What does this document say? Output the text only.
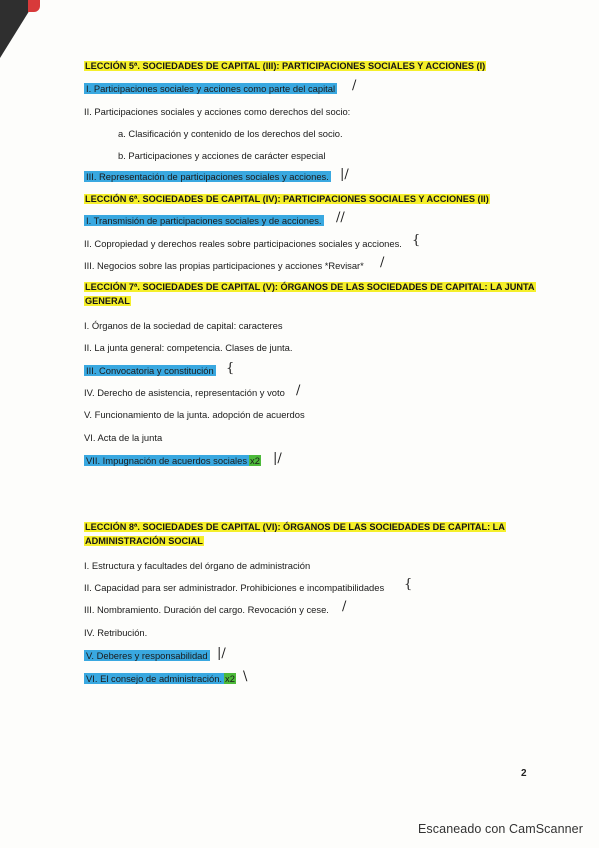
LECCIÓN 5ª. SOCIEDADES DE CAPITAL (III): PARTICIPACIONES SOCIALES Y ACCIONES (I)
I. Participaciones sociales y acciones como parte del capital /
II. Participaciones sociales y acciones como derechos del socio:
a. Clasificación y contenido de los derechos del socio.
b. Participaciones y acciones de carácter especial
III. Representación de participaciones sociales y acciones. |/
LECCIÓN 6ª. SOCIEDADES DE CAPITAL (IV): PARTICIPACIONES SOCIALES Y ACCIONES (II)
I. Transmisión de participaciones sociales y de acciones. //
II. Copropiedad y derechos reales sobre participaciones sociales y acciones. {
III. Negocios sobre las propias participaciones y acciones *Revisar* /
LECCIÓN 7ª. SOCIEDADES DE CAPITAL (V): ÓRGANOS DE LAS SOCIEDADES DE CAPITAL: LA JUNTA
GENERAL
I. Órganos de la sociedad de capital: caracteres
II. La junta general: competencia. Clases de junta.
III. Convocatoria y constitución {
IV. Derecho de asistencia, representación y voto /
V. Funcionamiento de la junta. adopción de acuerdos
VI. Acta de la junta
VII. Impugnación de acuerdos sociales x2 |/
LECCIÓN 8ª. SOCIEDADES DE CAPITAL (VI): ÓRGANOS DE LAS SOCIEDADES DE CAPITAL: LA
ADMINISTRACIÓN SOCIAL
I. Estructura y facultades del órgano de administración
II. Capacidad para ser administrador. Prohibiciones e incompatibilidades {
III. Nombramiento. Duración del cargo. Revocación y cese. /
IV. Retribución.
V. Deberes y responsabilidad |/
VI. El consejo de administración. x2 \
2
Escaneado con CamScanner
